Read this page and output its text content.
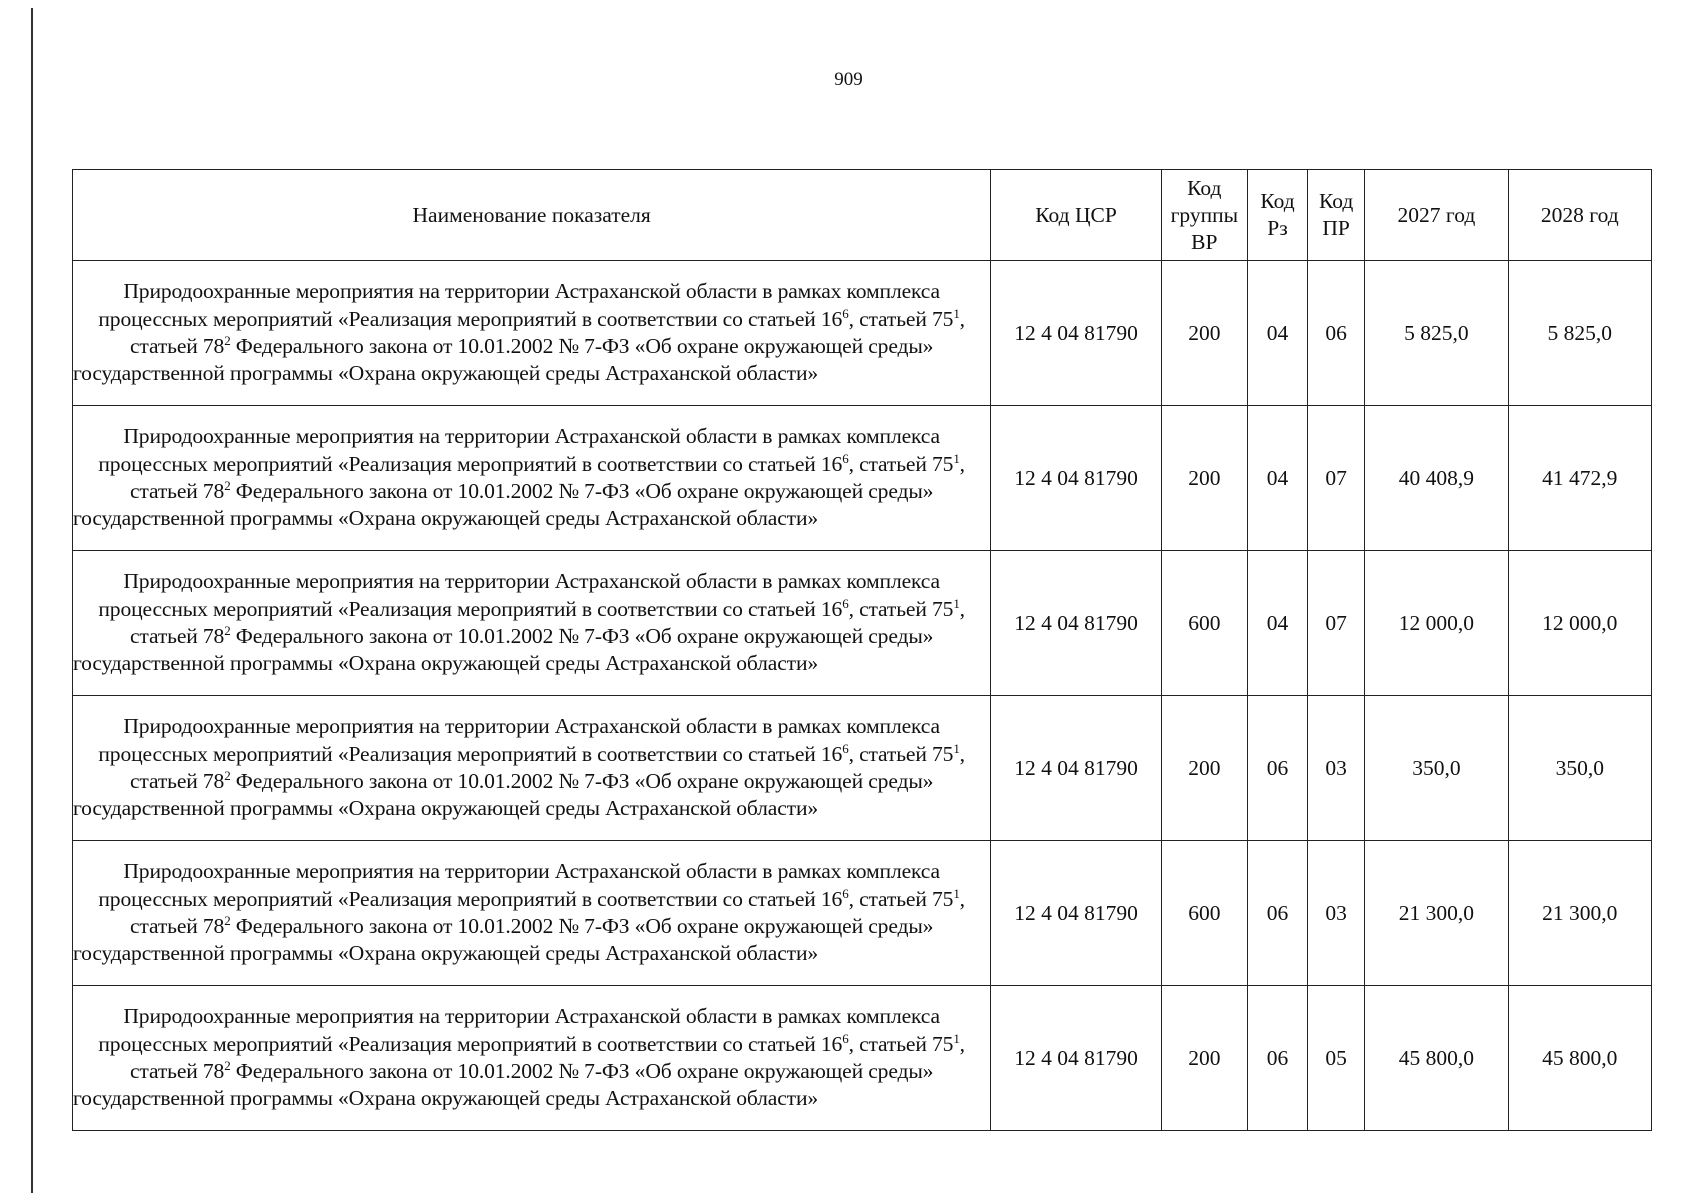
909
Наименование показателя	Код ЦСР	Код группы ВР	Код Рз	Код ПР	2027 год	2028 год
Природоохранные мероприятия на территории Астраханской области в рамках комплекса процессных мероприятий «Реализация мероприятий в соответствии со статьей $16^6$, статьей $75^1$, статьей $78^2$ Федерального закона от 10.01.2002 № 7-ФЗ «Об охране окружающей среды» государственной программы «Охрана окружающей среды Астраханской области»	12 4 04 81790	200	04	06	5 825,0	5 825,0
Природоохранные мероприятия на территории Астраханской области в рамках комплекса процессных мероприятий «Реализация мероприятий в соответствии со статьей $16^6$, статьей $75^1$, статьей $78^2$ Федерального закона от 10.01.2002 № 7-ФЗ «Об охране окружающей среды» государственной программы «Охрана окружающей среды Астраханской области»	12 4 04 81790	200	04	07	40 408,9	41 472,9
Природоохранные мероприятия на территории Астраханской области в рамках комплекса процессных мероприятий «Реализация мероприятий в соответствии со статьей $16^6$, статьей $75^1$, статьей $78^2$ Федерального закона от 10.01.2002 № 7-ФЗ «Об охране окружающей среды» государственной программы «Охрана окружающей среды Астраханской области»	12 4 04 81790	600	04	07	12 000,0	12 000,0
Природоохранные мероприятия на территории Астраханской области в рамках комплекса процессных мероприятий «Реализация мероприятий в соответствии со статьей $16^6$, статьей $75^1$, статьей $78^2$ Федерального закона от 10.01.2002 № 7-ФЗ «Об охране окружающей среды» государственной программы «Охрана окружающей среды Астраханской области»	12 4 04 81790	200	06	03	350,0	350,0
Природоохранные мероприятия на территории Астраханской области в рамках комплекса процессных мероприятий «Реализация мероприятий в соответствии со статьей $16^6$, статьей $75^1$, статьей $78^2$ Федерального закона от 10.01.2002 № 7-ФЗ «Об охране окружающей среды» государственной программы «Охрана окружающей среды Астраханской области»	12 4 04 81790	600	06	03	21 300,0	21 300,0
Природоохранные мероприятия на территории Астраханской области в рамках комплекса процессных мероприятий «Реализация мероприятий в соответствии со статьей $16^6$, статьей $75^1$, статьей $78^2$ Федерального закона от 10.01.2002 № 7-ФЗ «Об охране окружающей среды» государственной программы «Охрана окружающей среды Астраханской области»	12 4 04 81790	200	06	05	45 800,0	45 800,0
